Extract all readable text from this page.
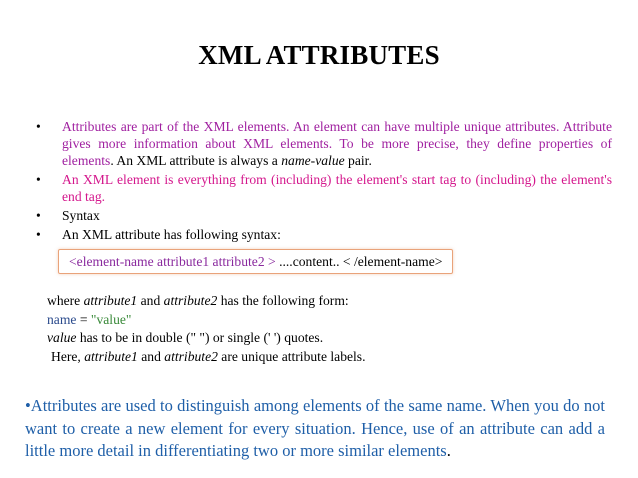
XML ATTRIBUTES
•	Attributes are part of the XML elements. An element can have multiple unique attributes. Attribute gives more information about XML elements. To be more precise, they define properties of elements. An XML attribute is always a name-value pair.
•	An XML element is everything from (including) the element's start tag to (including) the element's end tag.
•	Syntax
•	An XML attribute has following syntax:
<element-name attribute1 attribute2 > ....content.. < /element-name>
where attribute1 and attribute2 has the following form:
name = "value"
value has to be in double (" ") or single (' ') quotes.
Here, attribute1 and attribute2 are unique attribute labels.
•Attributes are used to distinguish among elements of the same name. When you do not want to create a new element for every situation. Hence, use of an attribute can add a little more detail in differentiating two or more similar elements.
